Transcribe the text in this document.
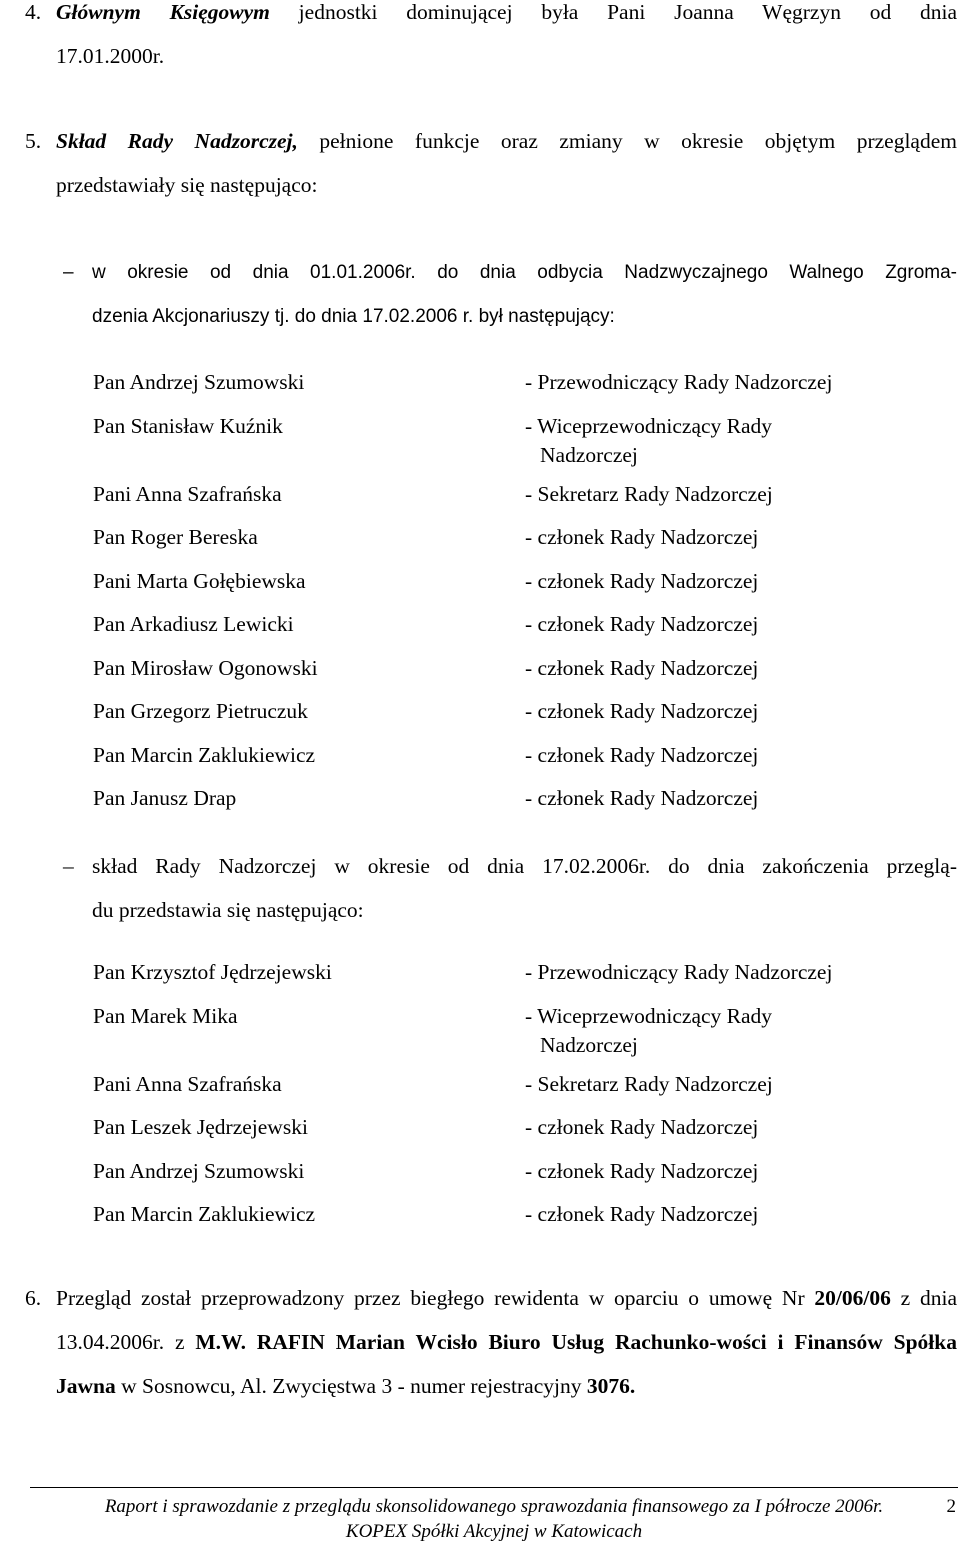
4. Głównym Księgowym jednostki dominującej była Pani Joanna Węgrzyn od dnia
17.01.2000r.
5. Skład Rady Nadzorczej, pełnione funkcje oraz zmiany w okresie objętym przeglądem
przedstawiały się następująco:
– w okresie od dnia 01.01.2006r. do dnia odbycia Nadzwyczajnego Walnego Zgroma-
dzenia Akcjonariuszy tj. do dnia 17.02.2006 r. był następujący:
Pan Andrzej Szumowski	- Przewodniczący Rady Nadzorczej
Pan Stanisław Kuźnik	- Wiceprzewodniczący Rady
Nadzorczej
Pani Anna Szafrańska	- Sekretarz Rady Nadzorczej
Pan Roger Bereska	- członek Rady Nadzorczej
Pani Marta Gołębiewska	- członek Rady Nadzorczej
Pan Arkadiusz Lewicki	- członek Rady Nadzorczej
Pan Mirosław Ogonowski	- członek Rady Nadzorczej
Pan Grzegorz Pietruczuk	- członek Rady Nadzorczej
Pan Marcin Zaklukiewicz	- członek Rady Nadzorczej
Pan Janusz Drap	- członek Rady Nadzorczej
– skład Rady Nadzorczej w okresie od dnia 17.02.2006r. do dnia zakończenia przeglą-
du przedstawia się następująco:
Pan Krzysztof Jędrzejewski	- Przewodniczący Rady Nadzorczej
Pan Marek Mika	- Wiceprzewodniczący Rady
Nadzorczej
Pani Anna Szafrańska	- Sekretarz Rady Nadzorczej
Pan Leszek Jędrzejewski	- członek Rady Nadzorczej
Pan Andrzej Szumowski	- członek Rady Nadzorczej
Pan Marcin Zaklukiewicz	- członek Rady Nadzorczej
6. Przegląd został przeprowadzony przez biegłego rewidenta w oparciu o umowę Nr 20/06/06 z dnia 13.04.2006r. z M.W. RAFIN Marian Wcisło Biuro Usług Rachunko-wości i Finansów Spółka Jawna w Sosnowcu, Al. Zwycięstwa 3 - numer rejestracyjny 3076.
Raport i sprawozdanie z przeglądu skonsolidowanego sprawozdania finansowego za I półrocze 2006r.
KOPEX Spółki Akcyjnej w Katowicach
2
